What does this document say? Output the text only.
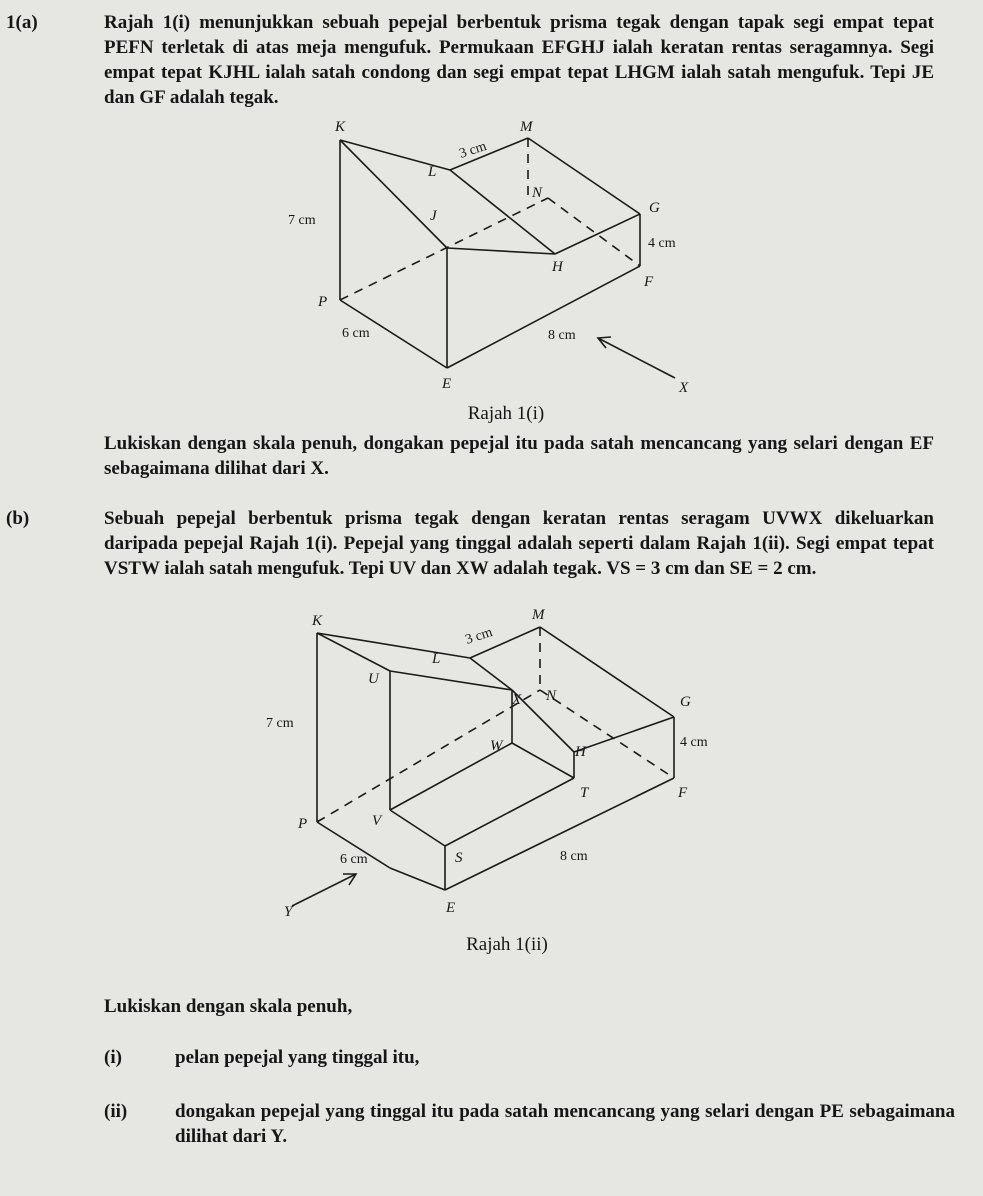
1(a)	Rajah 1(i) menunjukkan sebuah pepejal berbentuk prisma tegak dengan tapak segi empat tepat PEFN terletak di atas meja mengufuk. Permukaan EFGHJ ialah keratan rentas seragamnya. Segi empat tepat KJHL ialah satah condong dan segi empat tepat LHGM ialah satah mengufuk. Tepi JE dan GF adalah tegak.
K	M
L
N
G
J
H
F
P
E	X
3 cm
7 cm
4 cm
6 cm	8 cm
Rajah 1(i)
Lukiskan dengan skala penuh, dongakan pepejal itu pada satah mencancang yang selari dengan EF sebagaimana dilihat dari X.
(b)	Sebuah pepejal berbentuk prisma tegak dengan keratan rentas seragam UVWX dikeluarkan daripada pepejal Rajah 1(i). Pepejal yang tinggal adalah seperti dalam Rajah 1(ii). Segi empat tepat VSTW ialah satah mengufuk. Tepi UV dan XW adalah tegak. VS = 3 cm dan SE = 2 cm.
K	M
L
U
X N	G
W	H
T	F
P	V
S
E
Y
3 cm
7 cm
4 cm
6 cm	8 cm
Rajah 1(ii)
Lukiskan dengan skala penuh,
(i)	pelan pepejal yang tinggal itu,
(ii)	dongakan pepejal yang tinggal itu pada satah mencancang yang selari dengan PE sebagaimana dilihat dari Y.
